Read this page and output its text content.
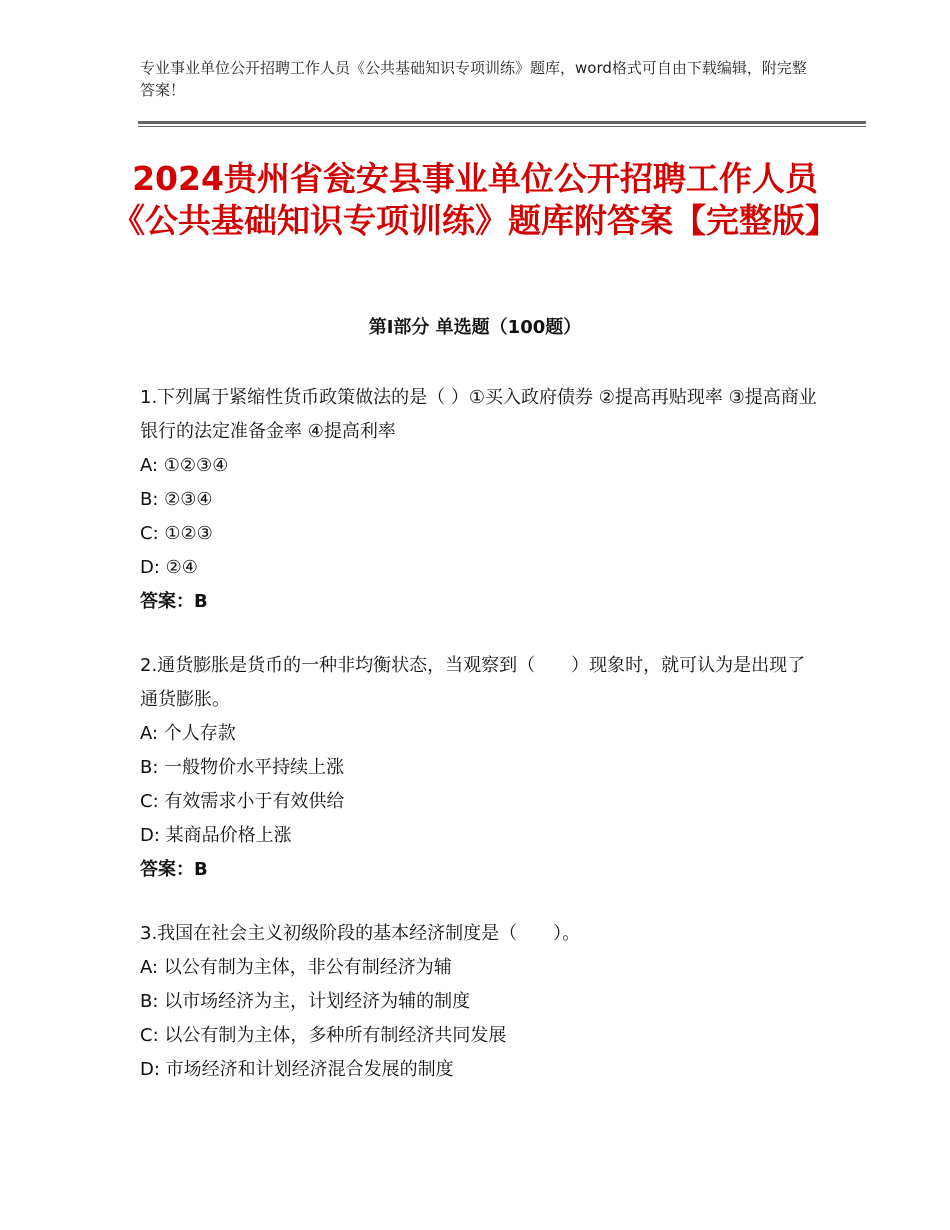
专业事业单位公开招聘工作人员《公共基础知识专项训练》题库，word格式可自由下载编辑，附完整答案！
2024贵州省瓮安县事业单位公开招聘工作人员《公共基础知识专项训练》题库附答案【完整版】
第Ⅰ部分 单选题（100题）

1.下列属于紧缩性货币政策做法的是（ ）①买入政府债券 ②提高再贴现率 ③提高商业银行的法定准备金率 ④提高利率

A: ①②③④

B: ②③④

C: ①②③

D: ②④

答案：B

2.通货膨胀是货币的一种非均衡状态，当观察到（　　）现象时，就可认为是出现了通货膨胀。

A: 个人存款

B: 一般物价水平持续上涨

C: 有效需求小于有效供给

D: 某商品价格上涨

答案：B

3.我国在社会主义初级阶段的基本经济制度是（　　）。

A: 以公有制为主体，非公有制经济为辅

B: 以市场经济为主，计划经济为辅的制度

C: 以公有制为主体，多种所有制经济共同发展

D: 市场经济和计划经济混合发展的制度
